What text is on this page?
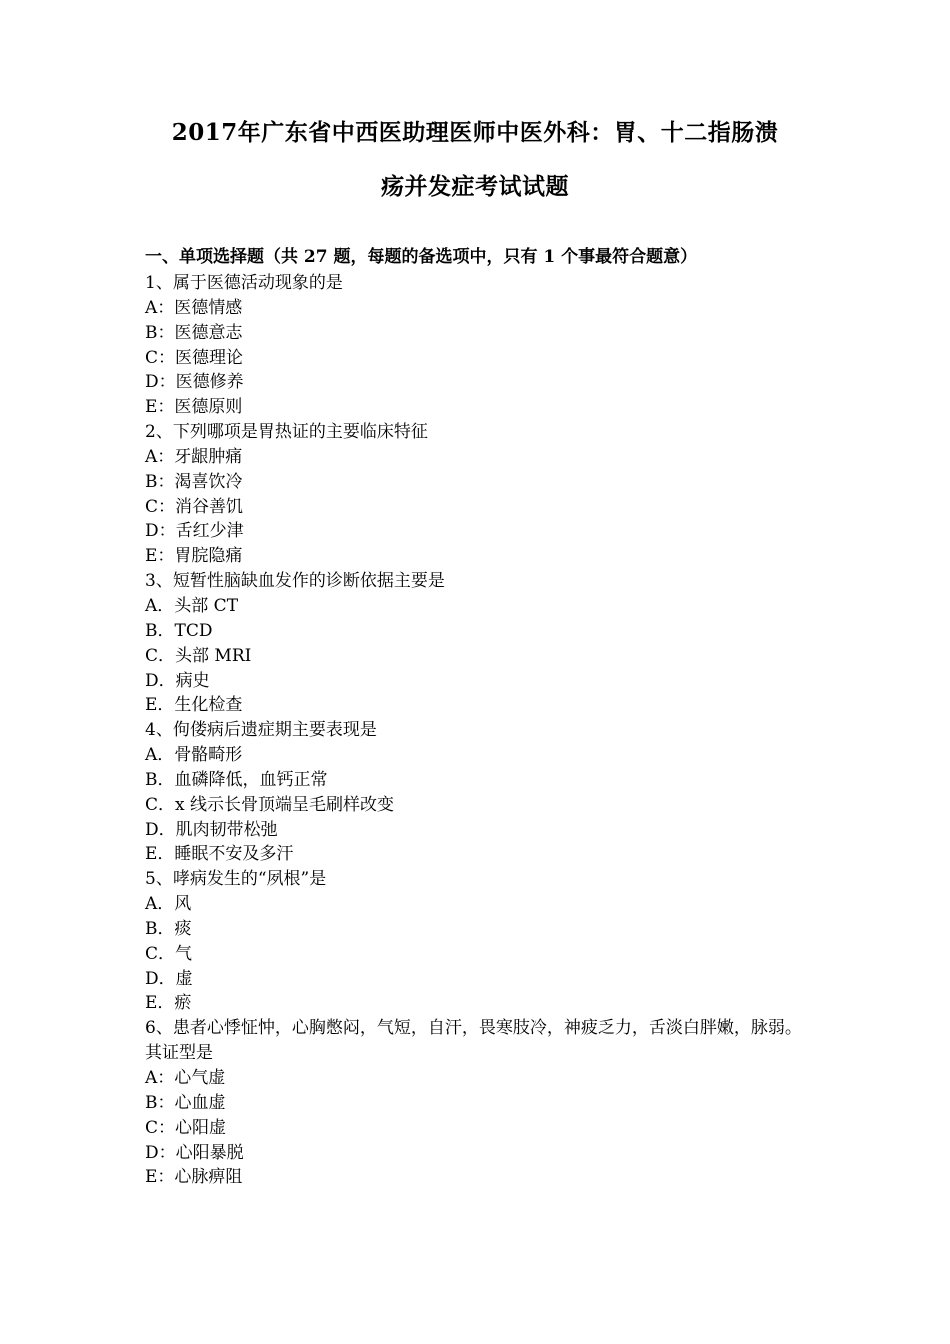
2017年广东省中西医助理医师中医外科：胃、十二指肠溃
疡并发症考试试题
一、单项选择题（共 27 题，每题的备选项中，只有 1 个事最符合题意）
1、属于医德活动现象的是
A：医德情感
B：医德意志
C：医德理论
D：医德修养
E：医德原则
2、下列哪项是胃热证的主要临床特征
A：牙龈肿痛
B：渴喜饮冷
C：消谷善饥
D：舌红少津
E：胃脘隐痛
3、短暂性脑缺血发作的诊断依据主要是
A．头部 CT
B．TCD
C．头部 MRI
D．病史
E．生化检查
4、佝偻病后遗症期主要表现是
A．骨骼畸形
B．血磷降低，血钙正常
C．x 线示长骨顶端呈毛刷样改变
D．肌肉韧带松弛
E．睡眠不安及多汗
5、哮病发生的“夙根”是
A．风
B．痰
C．气
D．虚
E．瘀
6、患者心悸怔忡，心胸憋闷，气短，自汗，畏寒肢冷，神疲乏力，舌淡白胖嫩，脉弱。其证型是
A：心气虚
B：心血虚
C：心阳虚
D：心阳暴脱
E：心脉痹阻
